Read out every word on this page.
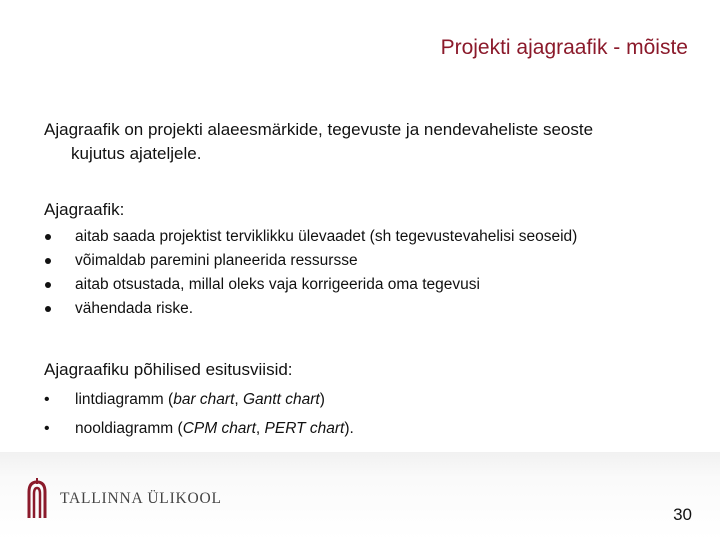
Projekti ajagraafik - mõiste
Ajagraafik on projekti alaeesmärkide, tegevuste ja nendevaheliste seoste
kujutus ajateljele.
Ajagraafik:
aitab saada projektist terviklikku ülevaadet (sh tegevustevahelisi seoseid)
võimaldab paremini planeerida ressursse
aitab otsustada, millal oleks vaja korrigeerida oma tegevusi
vähendada riske.
Ajagraafiku põhilised esitusviisid:
• lintdiagramm (bar chart, Gantt chart)
• nooldiagramm (CPM chart, PERT chart).
TALLINNA ÜLIKOOL
30
